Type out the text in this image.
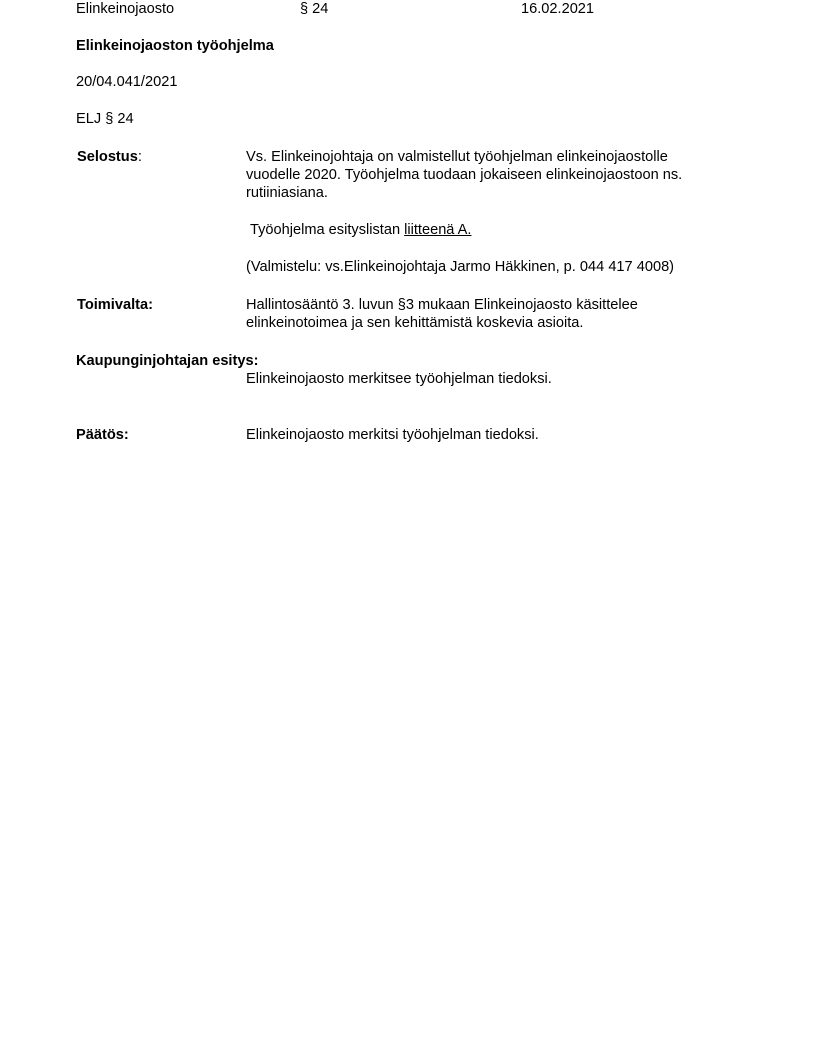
Elinkeinojaosto	§ 24	16.02.2021
Elinkeinojaoston työohjelma
20/04.041/2021
ELJ § 24
Selostus:	Vs. Elinkeinojohtaja on valmistellut työohjelman elinkeinojaostolle
vuodelle 2020. Työohjelma tuodaan jokaiseen elinkeinojaostoon ns.
rutiiniasiana.
Työohjelma esityslistan liitteenä A.
(Valmistelu: vs.Elinkeinojohtaja Jarmo Häkkinen, p. 044 417 4008)
Toimivalta:	Hallintosääntö 3. luvun §3 mukaan Elinkeinojaosto käsittelee
elinkeinotoimea ja sen kehittämistä koskevia asioita.
Kaupunginjohtajan esitys:
Elinkeinojaosto merkitsee työohjelman tiedoksi.
Päätös:	Elinkeinojaosto merkitsi työohjelman tiedoksi.
